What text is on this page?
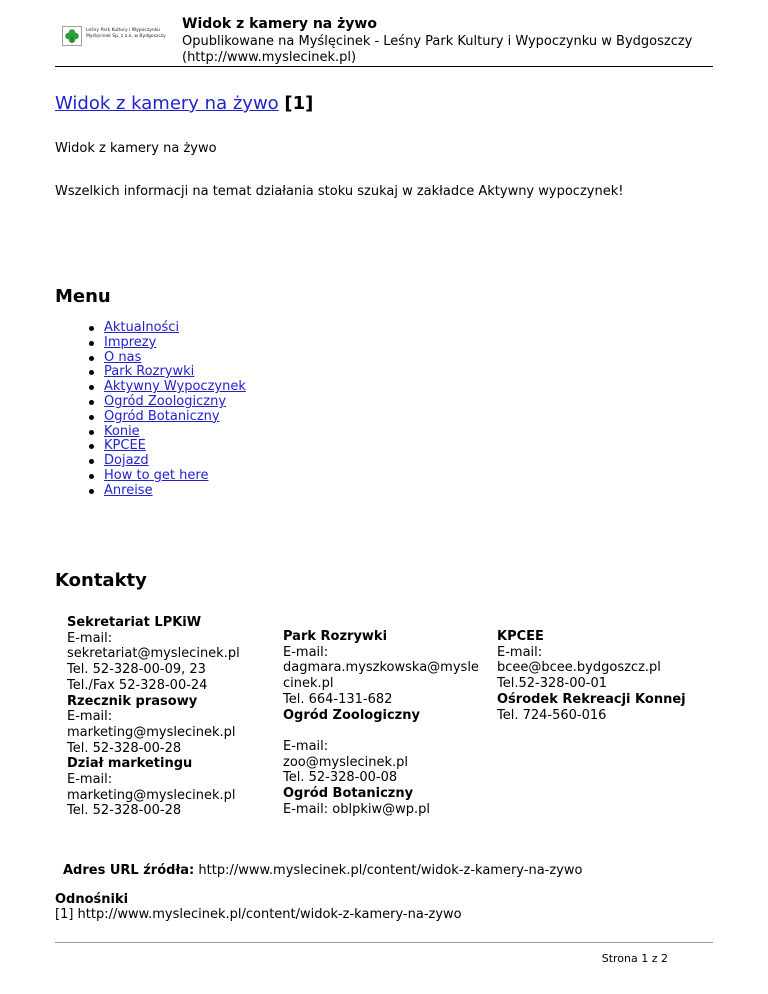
Leśny Park Kultury i Wypoczynku
Myślęcinek Sp. z o.o. w Bydgoszczy
Widok z kamery na żywo
Opublikowane na Myślęcinek - Leśny Park Kultury i Wypoczynku w Bydgoszczy
(http://www.myslecinek.pl)
Widok z kamery na żywo [1]
Widok z kamery na żywo
Wszelkich informacji na temat działania stoku szukaj w zakładce Aktywny wypoczynek!
Menu
Aktualności
Imprezy
O nas
Park Rozrywki
Aktywny Wypoczynek
Ogród Zoologiczny
Ogród Botaniczny
Konie
KPCEE
Dojazd
How to get here
Anreise
Kontakty
Sekretariat LPKiW
E-mail:
sekretariat@myslecinek.pl
Tel. 52-328-00-09, 23
Tel./Fax 52-328-00-24
Rzecznik prasowy
E-mail:
marketing@myslecinek.pl
Tel. 52-328-00-28
Dział marketingu
E-mail:
marketing@myslecinek.pl
Tel. 52-328-00-28
Park Rozrywki
E-mail:
dagmara.myszkowska@mysle
cinek.pl
Tel. 664-131-682
Ogród Zoologiczny
E-mail:
zoo@myslecinek.pl
Tel. 52-328-00-08
Ogród Botaniczny
E-mail: oblpkiw@wp.pl
KPCEE
E-mail:
bcee@bcee.bydgoszcz.pl
Tel.52-328-00-01
Ośrodek Rekreacji Konnej
Tel. 724-560-016
Adres URL źródła: http://www.myslecinek.pl/content/widok-z-kamery-na-zywo
Odnośniki
[1] http://www.myslecinek.pl/content/widok-z-kamery-na-zywo
Strona 1 z 2
